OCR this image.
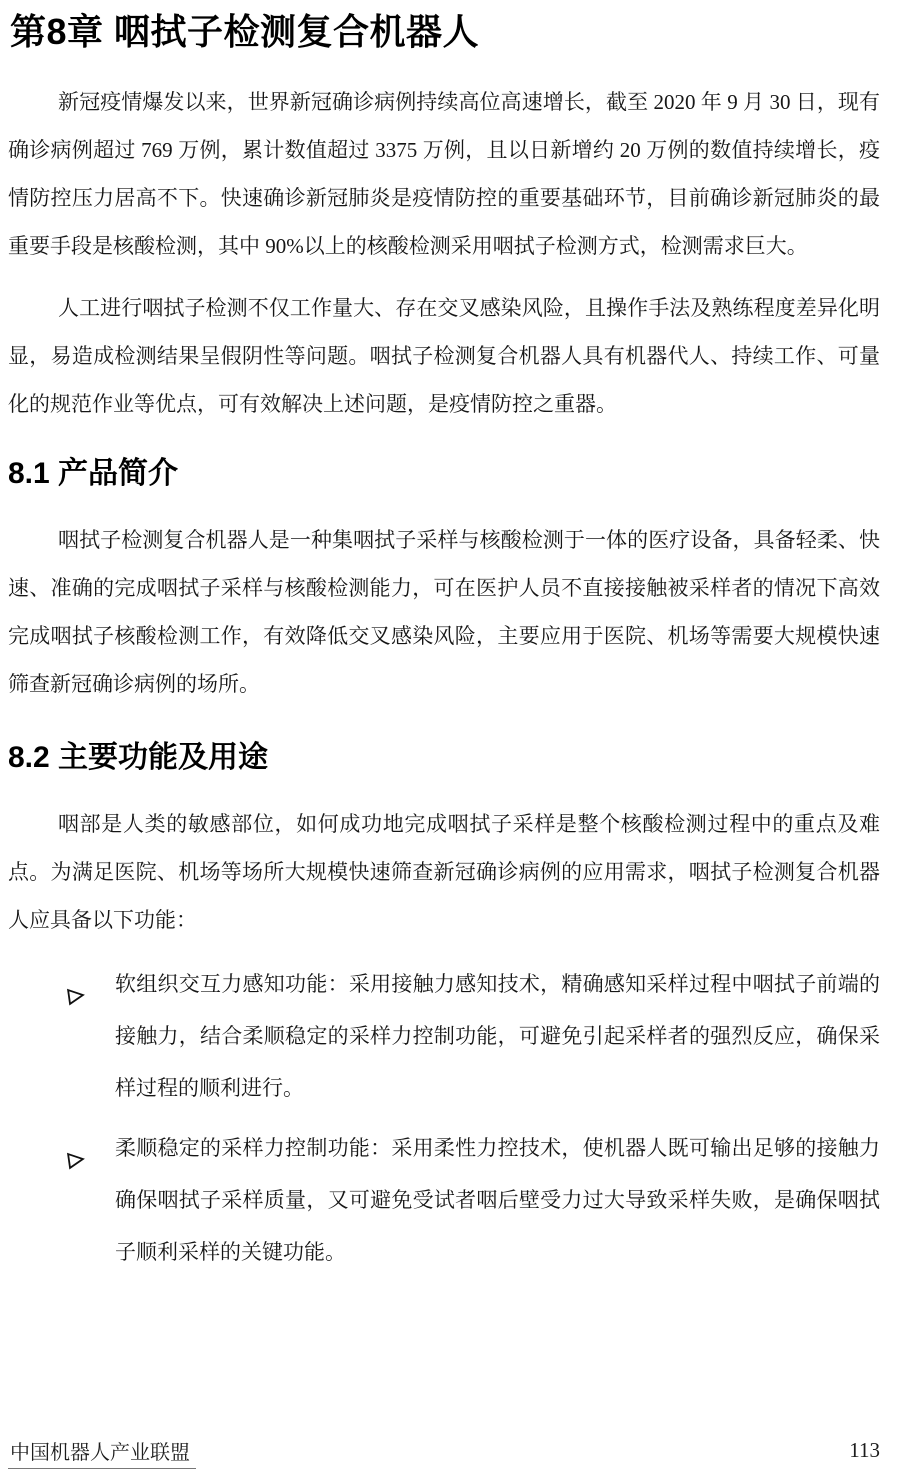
第8章 咽拭子检测复合机器人

新冠疫情爆发以来，世界新冠确诊病例持续高位高速增长，截至 2020 年 9 月 30 日，现有确诊病例超过 769 万例，累计数值超过 3375 万例，且以日新增约 20 万例的数值持续增长，疫情防控压力居高不下。快速确诊新冠肺炎是疫情防控的重要基础环节，目前确诊新冠肺炎的最重要手段是核酸检测，其中 90%以上的核酸检测采用咽拭子检测方式，检测需求巨大。

人工进行咽拭子检测不仅工作量大、存在交叉感染风险，且操作手法及熟练程度差异化明显，易造成检测结果呈假阴性等问题。咽拭子检测复合机器人具有机器代人、持续工作、可量化的规范作业等优点，可有效解决上述问题，是疫情防控之重器。

8.1 产品简介

咽拭子检测复合机器人是一种集咽拭子采样与核酸检测于一体的医疗设备，具备轻柔、快速、准确的完成咽拭子采样与核酸检测能力，可在医护人员不直接接触被采样者的情况下高效完成咽拭子核酸检测工作，有效降低交叉感染风险，主要应用于医院、机场等需要大规模快速筛查新冠确诊病例的场所。

8.2 主要功能及用途

咽部是人类的敏感部位，如何成功地完成咽拭子采样是整个核酸检测过程中的重点及难点。为满足医院、机场等场所大规模快速筛查新冠确诊病例的应用需求，咽拭子检测复合机器人应具备以下功能：

软组织交互力感知功能：采用接触力感知技术，精确感知采样过程中咽拭子前端的接触力，结合柔顺稳定的采样力控制功能，可避免引起采样者的强烈反应，确保采样过程的顺利进行。
柔顺稳定的采样力控制功能：采用柔性力控技术，使机器人既可输出足够的接触力确保咽拭子采样质量，又可避免受试者咽后壁受力过大导致采样失败，是确保咽拭子顺利采样的关键功能。
中国机器人产业联盟	113
